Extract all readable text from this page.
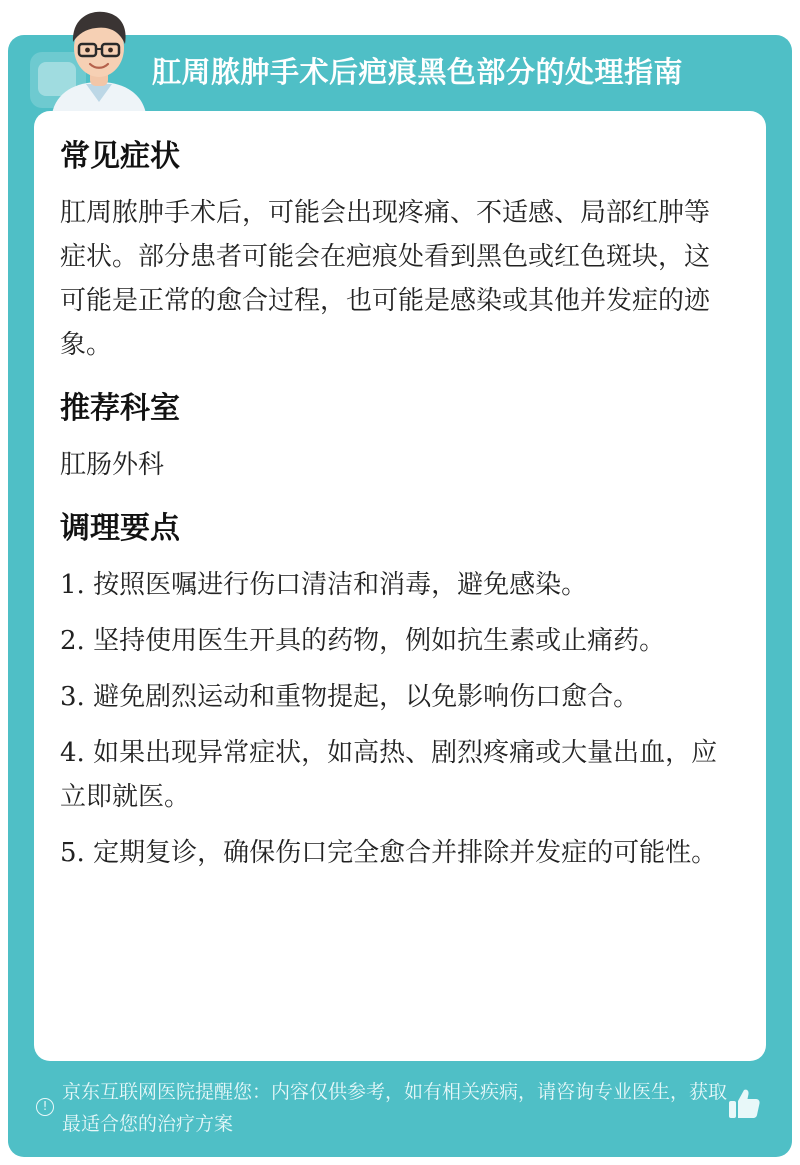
肛周脓肿手术后疤痕黑色部分的处理指南
常见症状
肛周脓肿手术后，可能会出现疼痛、不适感、局部红肿等症状。部分患者可能会在疤痕处看到黑色或红色斑块，这可能是正常的愈合过程，也可能是感染或其他并发症的迹象。
推荐科室
肛肠外科
调理要点
1. 按照医嘱进行伤口清洁和消毒，避免感染。
2. 坚持使用医生开具的药物，例如抗生素或止痛药。
3. 避免剧烈运动和重物提起，以免影响伤口愈合。
4. 如果出现异常症状，如高热、剧烈疼痛或大量出血，应立即就医。
5. 定期复诊，确保伤口完全愈合并排除并发症的可能性。
!
京东互联网医院提醒您：内容仅供参考，如有相关疾病，请咨询专业医生，获取最适合您的治疗方案
